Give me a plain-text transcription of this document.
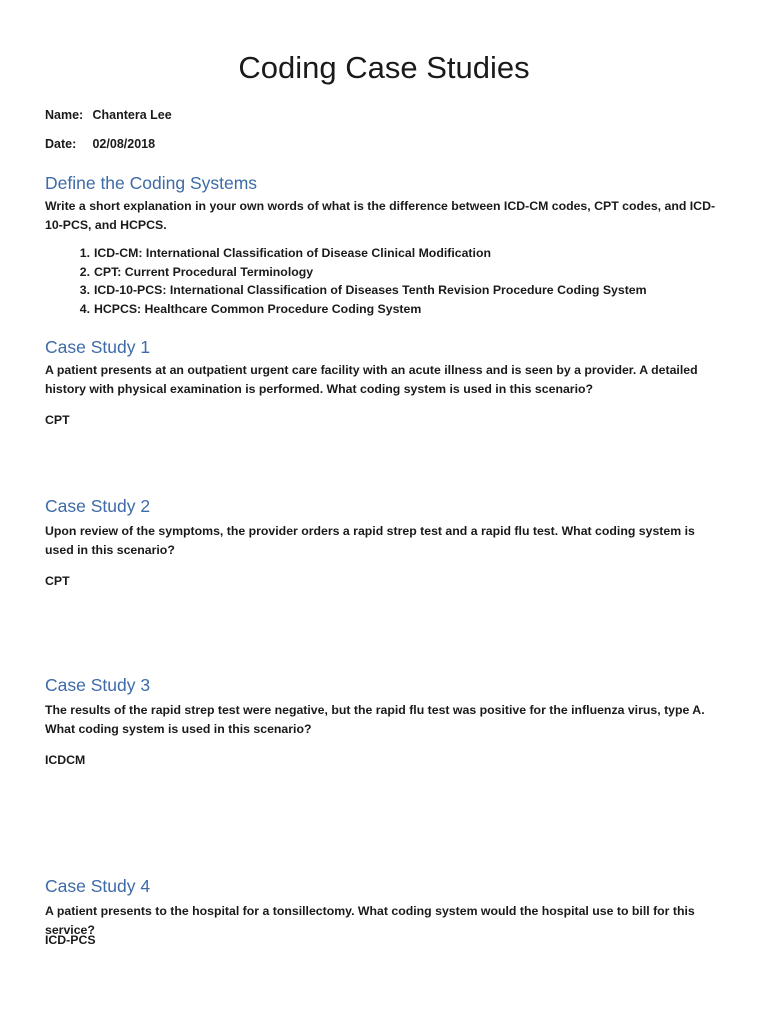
Coding Case Studies
Name: Chantera Lee
Date: 02/08/2018
Define the Coding Systems

Write a short explanation in your own words of what is the difference between ICD-CM codes, CPT codes, and ICD-10-PCS, and HCPCS.

1. ICD-CM: International Classification of Disease Clinical Modification
2. CPT: Current Procedural Terminology
3. ICD-10-PCS: International Classification of Diseases Tenth Revision Procedure Coding System
4. HCPCS: Healthcare Common Procedure Coding System
Case Study 1

A patient presents at an outpatient urgent care facility with an acute illness and is seen by a provider. A detailed history with physical examination is performed. What coding system is used in this scenario?

CPT
Case Study 2

Upon review of the symptoms, the provider orders a rapid strep test and a rapid flu test. What coding system is used in this scenario?

CPT
Case Study 3

The results of the rapid strep test were negative, but the rapid flu test was positive for the influenza virus, type A. What coding system is used in this scenario?

ICDCM
Case Study 4

A patient presents to the hospital for a tonsillectomy. What coding system would the hospital use to bill for this service?

ICD-PCS
